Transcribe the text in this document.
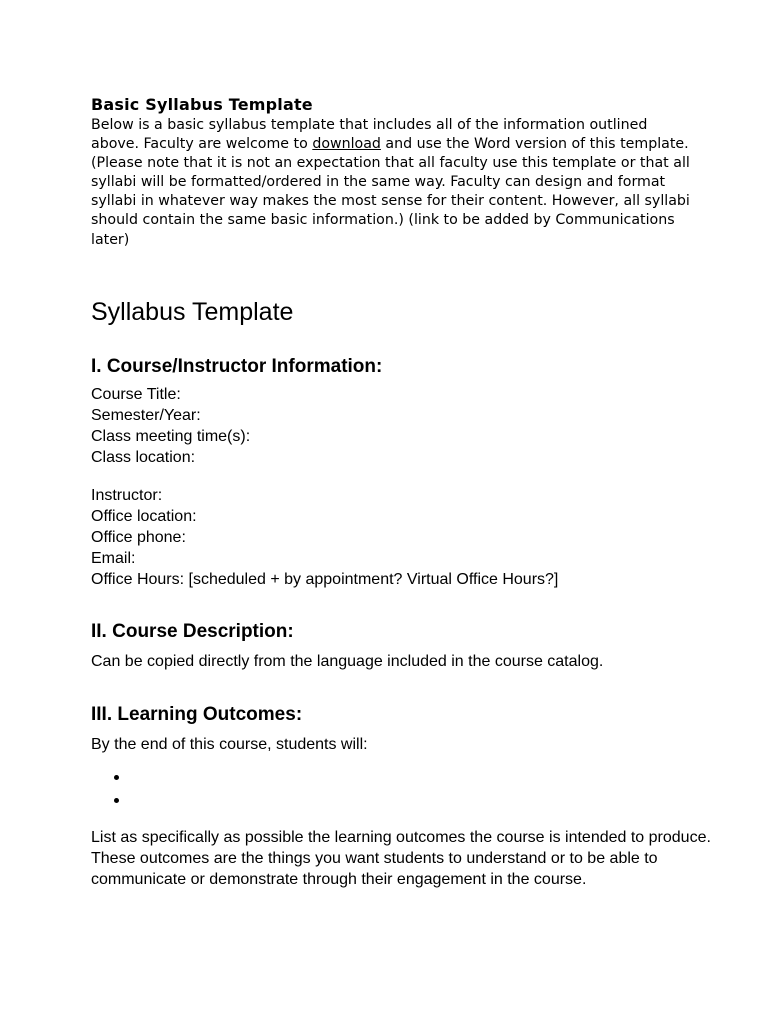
Basic Syllabus Template

Below is a basic syllabus template that includes all of the information outlined above. Faculty are welcome to download and use the Word version of this template. (Please note that it is not an expectation that all faculty use this template or that all syllabi will be formatted/ordered in the same way. Faculty can design and format syllabi in whatever way makes the most sense for their content. However, all syllabi should contain the same basic information.) (link to be added by Communications later)

Syllabus Template
I. Course/Instructor Information:
Course Title:
Semester/Year:
Class meeting time(s):
Class location:
Instructor:
Office location:
Office phone:
Email:
Office Hours: [scheduled + by appointment? Virtual Office Hours?]
II. Course Description:

Can be copied directly from the language included in the course catalog.

III. Learning Outcomes:

By the end of this course, students will:

List as specifically as possible the learning outcomes the course is intended to produce. These outcomes are the things you want students to understand or to be able to communicate or demonstrate through their engagement in the course.
